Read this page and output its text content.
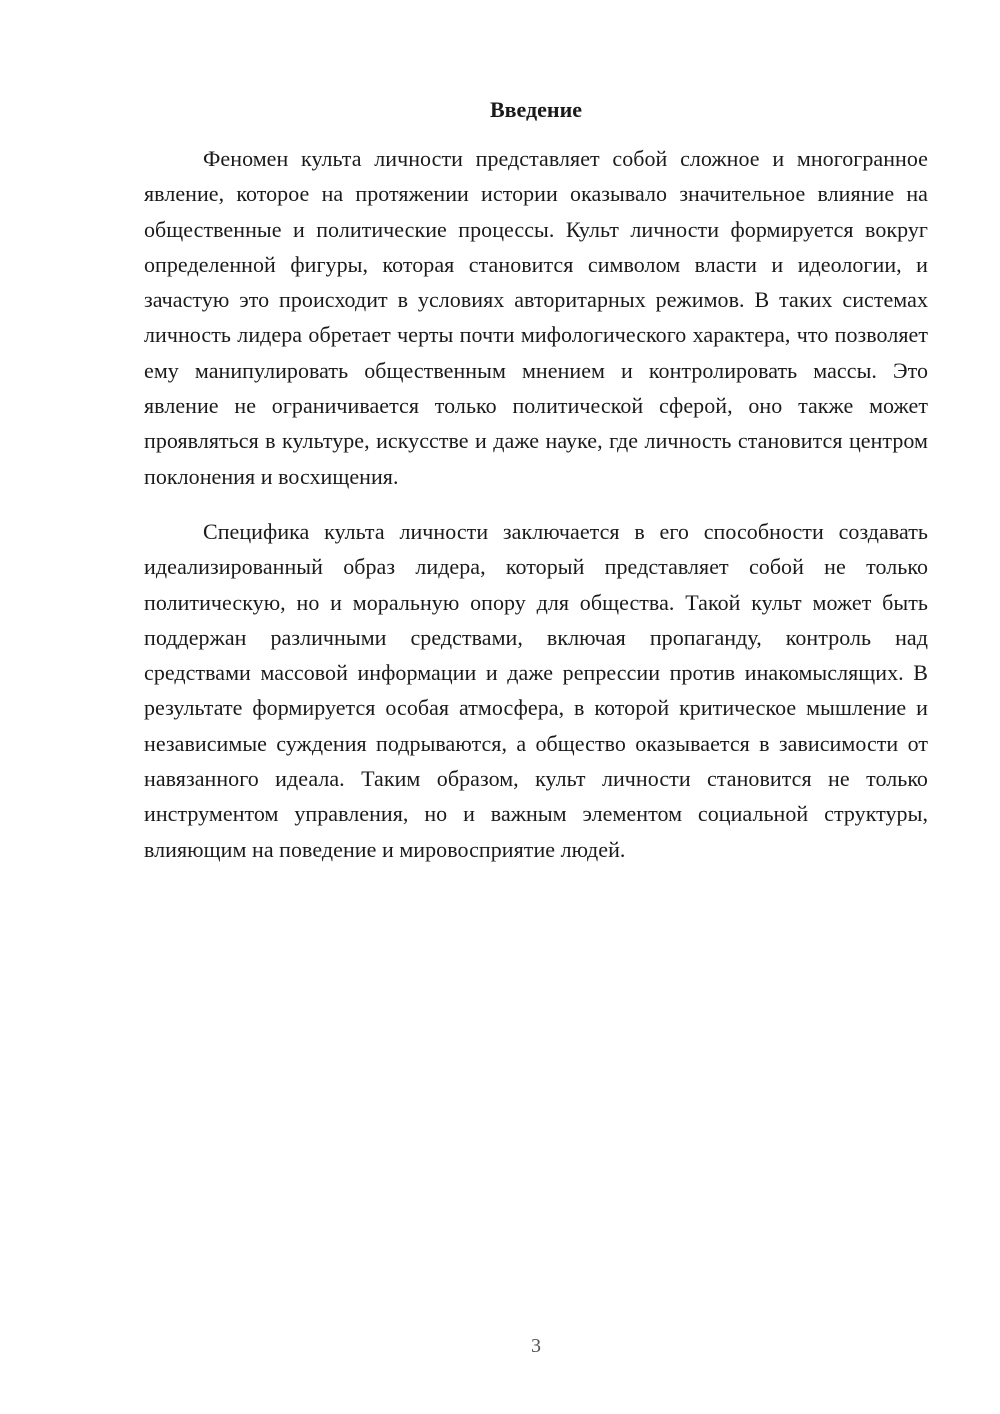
Введение

Феномен культа личности представляет собой сложное и многогранное явление, которое на протяжении истории оказывало значительное влияние на общественные и политические процессы. Культ личности формируется вокруг определенной фигуры, которая становится символом власти и идеологии, и зачастую это происходит в условиях авторитарных режимов. В таких системах личность лидера обретает черты почти мифологического характера, что позволяет ему манипулировать общественным мнением и контролировать массы. Это явление не ограничивается только политической сферой, оно также может проявляться в культуре, искусстве и даже науке, где личность становится центром поклонения и восхищения.

Специфика культа личности заключается в его способности создавать идеализированный образ лидера, который представляет собой не только политическую, но и моральную опору для общества. Такой культ может быть поддержан различными средствами, включая пропаганду, контроль над средствами массовой информации и даже репрессии против инакомыслящих. В результате формируется особая атмосфера, в которой критическое мышление и независимые суждения подрываются, а общество оказывается в зависимости от навязанного идеала. Таким образом, культ личности становится не только инструментом управления, но и важным элементом социальной структуры, влияющим на поведение и мировосприятие людей.

3
